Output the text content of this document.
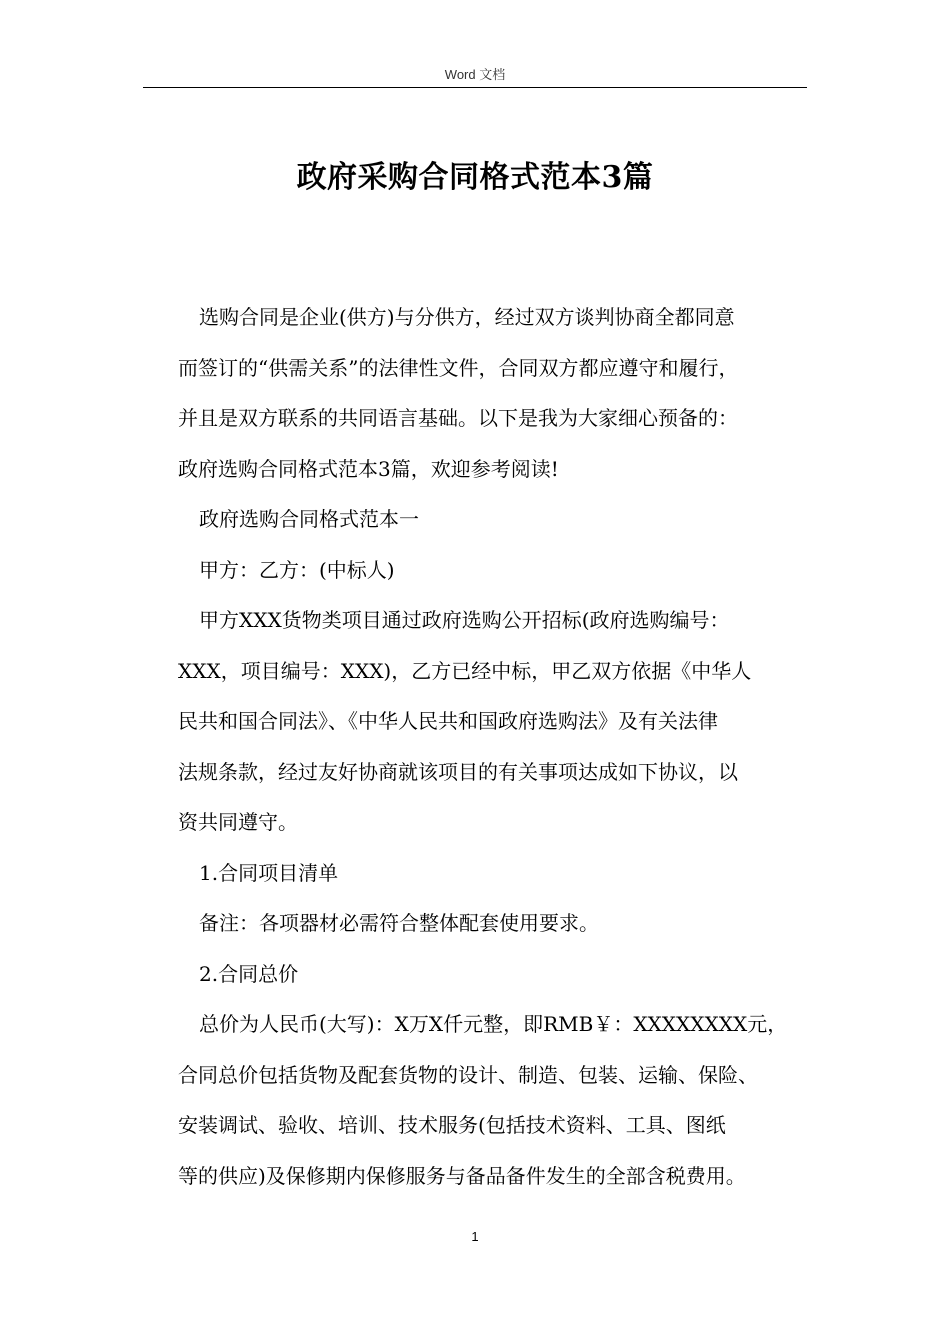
Word 文档
政府采购合同格式范本3篇
选购合同是企业(供方)与分供方，经过双方谈判协商全都同意
而签订的“供需关系”的法律性文件，合同双方都应遵守和履行，
并且是双方联系的共同语言基础。以下是我为大家细心预备的：
政府选购合同格式范本3篇，欢迎参考阅读!
政府选购合同格式范本一
甲方：乙方：(中标人)
甲方XXX货物类项目通过政府选购公开招标(政府选购编号：
XXX，项目编号：XXX)，乙方已经中标，甲乙双方依据《中华人
民共和国合同法》、《中华人民共和国政府选购法》及有关法律
法规条款，经过友好协商就该项目的有关事项达成如下协议，以
资共同遵守。
1.合同项目清单
备注：各项器材必需符合整体配套使用要求。
2.合同总价
总价为人民币(大写)：X万X仟元整，即RMB￥：XXXXXXXX元，
合同总价包括货物及配套货物的设计、制造、包装、运输、保险、
安装调试、验收、培训、技术服务(包括技术资料、工具、图纸
等的供应)及保修期内保修服务与备品备件发生的全部含税费用。
1
